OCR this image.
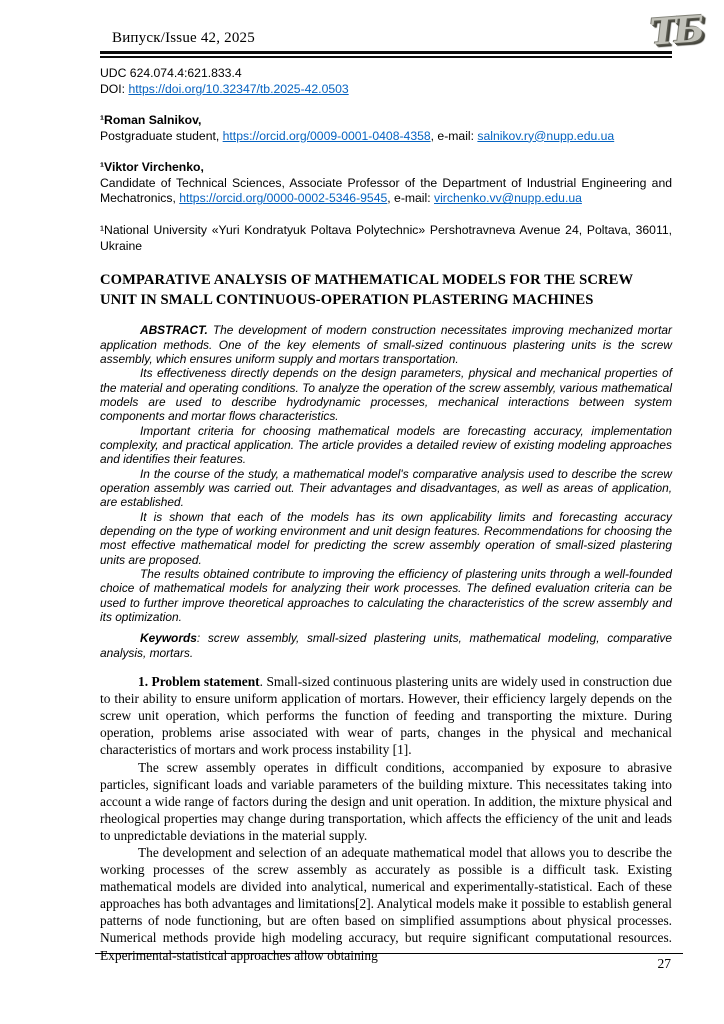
Випуск/Issue 42, 2025	ТБ

UDC 624.074.4:621.833.4

DOI: https://doi.org/10.32347/tb.2025-42.0503

¹Roman Salnikov,

Postgraduate student, https://orcid.org/0009-0001-0408-4358, e-mail: salnikov.ry@nupp.edu.ua

¹Viktor Virchenko,

Candidate of Technical Sciences, Associate Professor of the Department of Industrial Engineering and Mechatronics, https://orcid.org/0000-0002-5346-9545, e-mail: virchenko.vv@nupp.edu.ua

¹National University «Yuri Kondratyuk Poltava Polytechnic» Pershotravneva Avenue 24, Poltava, 36011, Ukraine

COMPARATIVE ANALYSIS OF MATHEMATICAL MODELS FOR THE SCREW UNIT IN SMALL CONTINUOUS-OPERATION PLASTERING MACHINES

ABSTRACT. The development of modern construction necessitates improving mechanized mortar application methods. One of the key elements of small-sized continuous plastering units is the screw assembly, which ensures uniform supply and mortars transportation.

Its effectiveness directly depends on the design parameters, physical and mechanical properties of the material and operating conditions. To analyze the operation of the screw assembly, various mathematical models are used to describe hydrodynamic processes, mechanical interactions between system components and mortar flows characteristics.

Important criteria for choosing mathematical models are forecasting accuracy, implementation complexity, and practical application. The article provides a detailed review of existing modeling approaches and identifies their features.

In the course of the study, a mathematical model's comparative analysis used to describe the screw operation assembly was carried out. Their advantages and disadvantages, as well as areas of application, are established.

It is shown that each of the models has its own applicability limits and forecasting accuracy depending on the type of working environment and unit design features. Recommendations for choosing the most effective mathematical model for predicting the screw assembly operation of small-sized plastering units are proposed.

The results obtained contribute to improving the efficiency of plastering units through a well-founded choice of mathematical models for analyzing their work processes. The defined evaluation criteria can be used to further improve theoretical approaches to calculating the characteristics of the screw assembly and its optimization.

Keywords: screw assembly, small-sized plastering units, mathematical modeling, comparative analysis, mortars.

1. Problem statement. Small-sized continuous plastering units are widely used in construction due to their ability to ensure uniform application of mortars. However, their efficiency largely depends on the screw unit operation, which performs the function of feeding and transporting the mixture. During operation, problems arise associated with wear of parts, changes in the physical and mechanical characteristics of mortars and work process instability [1].

The screw assembly operates in difficult conditions, accompanied by exposure to abrasive particles, significant loads and variable parameters of the building mixture. This necessitates taking into account a wide range of factors during the design and unit operation. In addition, the mixture physical and rheological properties may change during transportation, which affects the efficiency of the unit and leads to unpredictable deviations in the material supply.

The development and selection of an adequate mathematical model that allows you to describe the working processes of the screw assembly as accurately as possible is a difficult task. Existing mathematical models are divided into analytical, numerical and experimentally-statistical. Each of these approaches has both advantages and limitations[2]. Analytical models make it possible to establish general patterns of node functioning, but are often based on simplified assumptions about physical processes. Numerical methods provide high modeling accuracy, but require significant computational resources. Experimental-statistical approaches allow obtaining

27
